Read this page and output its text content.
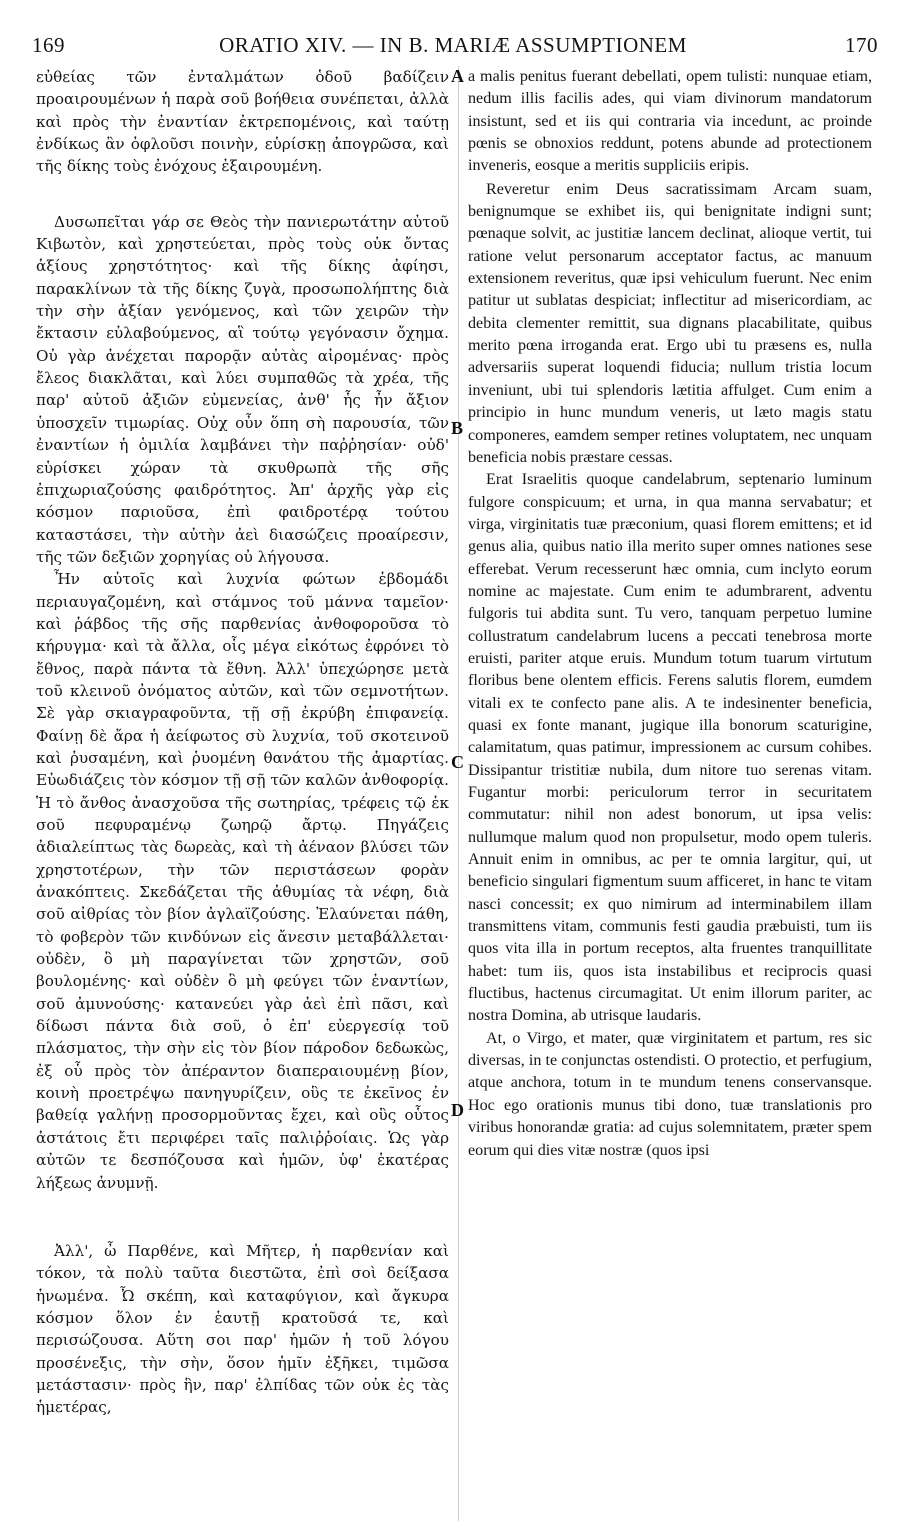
169	ORATIO XIV. — IN B. MARIÆ ASSUMPTIONEM	170

εὐθείας τῶν ἐνταλμάτων ὁδοῦ βαδίζειν προαιρουμένων ἡ παρὰ σοῦ βοήθεια συνέπεται, ἀλλὰ καὶ πρὸς τὴν ἐναντίαν ἐκτρεπομένοις, καὶ ταύτῃ ἐνδίκως ἂν ὀφλοῦσι ποινὴν, εὑρίσκῃ ἀπογρῶσα, καὶ τῆς δίκης τοὺς ἐνόχους ἐξαιρουμένη.

Δυσωπεῖται γάρ σε Θεὸς τὴν πανιερωτάτην αὐτοῦ Κιβωτὸν, καὶ χρηστεύεται, πρὸς τοὺς οὐκ ὄντας ἀξίους χρηστότητος· καὶ τῆς δίκης ἀφίησι, παρακλίνων τὰ τῆς δίκης ζυγὰ, προσωπολήπτης διὰ τὴν σὴν ἀξίαν γενόμενος, καὶ τῶν χειρῶν τὴν ἔκτασιν εὐλαβούμενος, αἳ τούτῳ γεγόνασιν ὄχημα. Οὐ γὰρ ἀνέχεται παρορᾷν αὐτὰς αἰρομένας· πρὸς ἔλεος διακλᾶται, καὶ λύει συμπαθῶς τὰ χρέα, τῆς παρ' αὐτοῦ ἀξιῶν εὐμενείας, ἀνθ' ἧς ἦν ἄξιον ὑποσχεῖν τιμωρίας. Οὐχ οὖν ὅπη σὴ παρουσία, τῶν ἐναντίων ἡ ὁμιλία λαμβάνει τὴν παῤῥησίαν· οὐδ' εὑρίσκει χώραν τὰ σκυθρωπὰ τῆς σῆς ἐπιχωριαζούσης φαιδρότητος. Ἀπ' ἀρχῆς γὰρ εἰς κόσμον παριοῦσα, ἐπὶ φαιδροτέρᾳ τούτου καταστάσει, τὴν αὐτὴν ἀεὶ διασώζεις προαίρεσιν, τῆς τῶν δεξιῶν χορηγίας οὐ λήγουσα.

Ἦν αὐτοῖς καὶ λυχνία φώτων ἑβδομάδι περιαυγαζομένη, καὶ στάμνος τοῦ μάννα ταμεῖον· καὶ ῥάβδος τῆς σῆς παρθενίας ἀνθοφοροῦσα τὸ κήρυγμα· καὶ τὰ ἄλλα, οἷς μέγα εἰκότως ἐφρόνει τὸ ἔθνος, παρὰ πάντα τὰ ἔθνη. Ἀλλ' ὑπεχώρησε μετὰ τοῦ κλεινοῦ ὀνόματος αὐτῶν, καὶ τῶν σεμνοτήτων. Σὲ γὰρ σκιαγραφοῦντα, τῇ σῇ ἐκρύβη ἐπιφανείᾳ. Φαίνῃ δὲ ἄρα ἡ ἀείφωτος σὺ λυχνία, τοῦ σκοτεινοῦ καὶ ῥυσαμένη, καὶ ῥυομένη θανάτου τῆς ἁμαρτίας. Εὐωδιάζεις τὸν κόσμον τῇ σῇ τῶν καλῶν ἀνθοφορίᾳ. Ἡ τὸ ἄνθος ἀνασχοῦσα τῆς σωτηρίας, τρέφεις τῷ ἐκ σοῦ πεφυραμένῳ ζωηρῷ ἄρτῳ. Πηγάζεις ἀδιαλείπτως τὰς δωρεὰς, καὶ τὴ ἀέναον βλύσει τῶν χρηστοτέρων, τὴν τῶν περιστάσεων φορὰν ἀνακόπτεις. Σκεδάζεται τῆς ἀθυμίας τὰ νέφη, διὰ σοῦ αἰθρίας τὸν βίον ἀγλαϊζούσης. Ἐλαύνεται πάθη, τὸ φοβερὸν τῶν κινδύνων εἰς ἄνεσιν μεταβάλλεται· οὐδὲν, ὃ μὴ παραγίνεται τῶν χρηστῶν, σοῦ βουλομένης· καὶ οὐδὲν ὃ μὴ φεύγει τῶν ἐναντίων, σοῦ ἀμυνούσης· κατανεύει γὰρ ἀεὶ ἐπὶ πᾶσι, καὶ δίδωσι πάντα διὰ σοῦ, ὁ ἐπ' εὐεργεσίᾳ τοῦ πλάσματος, τὴν σὴν εἰς τὸν βίον πάροδον δεδωκὼς, ἐξ οὗ πρὸς τὸν ἀπέραντον διαπεραιουμένῃ βίον, κοινὴ προετρέψω πανηγυρίζειν, οὓς τε ἐκεῖνος ἐν βαθείᾳ γαλήνῃ προσορμοῦντας ἔχει, καὶ οὓς οὗτος ἀστάτοις ἔτι περιφέρει ταῖς παλιῤῥοίαις. Ὡς γὰρ αὐτῶν τε δεσπόζουσα καὶ ἡμῶν, ὑφ' ἑκατέρας λήξεως ἀνυμνῇ.

Ἀλλ', ὦ Παρθένε, καὶ Μῆτερ, ἡ παρθενίαν καὶ τόκον, τὰ πολὺ ταῦτα διεστῶτα, ἐπὶ σοὶ δείξασα ἡνωμένα. Ὦ σκέπη, καὶ καταφύγιον, καὶ ἄγκυρα κόσμον ὅλον ἐν ἑαυτῇ κρατοῦσά τε, καὶ περισώζουσα. Αὕτη σοι παρ' ἡμῶν ἡ τοῦ λόγου προσένεξις, τὴν σὴν, ὅσον ἡμῖν ἐξῆκει, τιμῶσα μετάστασιν· πρὸς ἣν, παρ' ἐλπίδας τῶν οὐκ ἐς τὰς ἡμετέρας,

a malis penitus fuerant debellati, opem tulisti: nunquae etiam, nedum illis facilis ades, qui viam divinorum mandatorum insistunt, sed et iis qui contraria via incedunt, ac proinde pœnis se obnoxios reddunt, potens abunde ad protectionem inveneris, eosque a meritis suppliciis eripis.

Reveretur enim Deus sacratissimam Arcam suam, benignumque se exhibet iis, qui benignitate indigni sunt; pœnaque solvit, ac justitiæ lancem declinat, alioque vertit, tui ratione velut personarum acceptator factus, ac manuum extensionem reveritus, quæ ipsi vehiculum fuerunt. Nec enim patitur ut sublatas despiciat; inflectitur ad misericordiam, ac debita clementer remittit, sua dignans placabilitate, quibus merito pœna irroganda erat. Ergo ubi tu præsens es, nulla adversariis superat loquendi fiducia; nullum tristia locum inveniunt, ubi tui splendoris lætitia affulget. Cum enim a principio in hunc mundum veneris, ut læto magis statu componeres, eamdem semper retines voluptatem, nec unquam beneficia nobis præstare cessas.

Erat Israelitis quoque candelabrum, septenario luminum fulgore conspicuum; et urna, in qua manna servabatur; et virga, virginitatis tuæ præconium, quasi florem emittens; et id genus alia, quibus natio illa merito super omnes nationes sese efferebat. Verum recesserunt hæc omnia, cum inclyto eorum nomine ac majestate. Cum enim te adumbrarent, adventu fulgoris tui abdita sunt. Tu vero, tanquam perpetuo lumine collustratum candelabrum lucens a peccati tenebrosa morte eruisti, pariter atque eruis. Mundum totum tuarum virtutum floribus bene olentem efficis. Ferens salutis florem, eumdem vitali ex te confecto pane alis. A te indesinenter beneficia, quasi ex fonte manant, jugique illa bonorum scaturigine, calamitatum, quas patimur, impressionem ac cursum cohibes. Dissipantur tristitiæ nubila, dum nitore tuo serenas vitam. Fugantur morbi: periculorum terror in securitatem commutatur: nihil non adest bonorum, ut ipsa velis: nullumque malum quod non propulsetur, modo opem tuleris. Annuit enim in omnibus, ac per te omnia largitur, qui, ut beneficio singulari figmentum suum afficeret, in hanc te vitam nasci concessit; ex quo nimirum ad interminabilem illam transmittens vitam, communis festi gaudia præbuisti, tum iis quos vita illa in portum receptos, alta fruentes tranquillitate habet: tum iis, quos ista instabilibus et reciprocis quasi fluctibus, hactenus circumagitat. Ut enim illorum pariter, ac nostra Domina, ab utrisque laudaris.

At, o Virgo, et mater, quæ virginitatem et partum, res sic diversas, in te conjunctas ostendisti. O protectio, et perfugium, atque anchora, totum in te mundum tenens conservansque. Hoc ego orationis munus tibi dono, tuæ translationis pro viribus honorandæ gratia: ad cujus solemnitatem, præter spem eorum qui dies vitæ nostræ (quos ipsi

A
B
C
D
